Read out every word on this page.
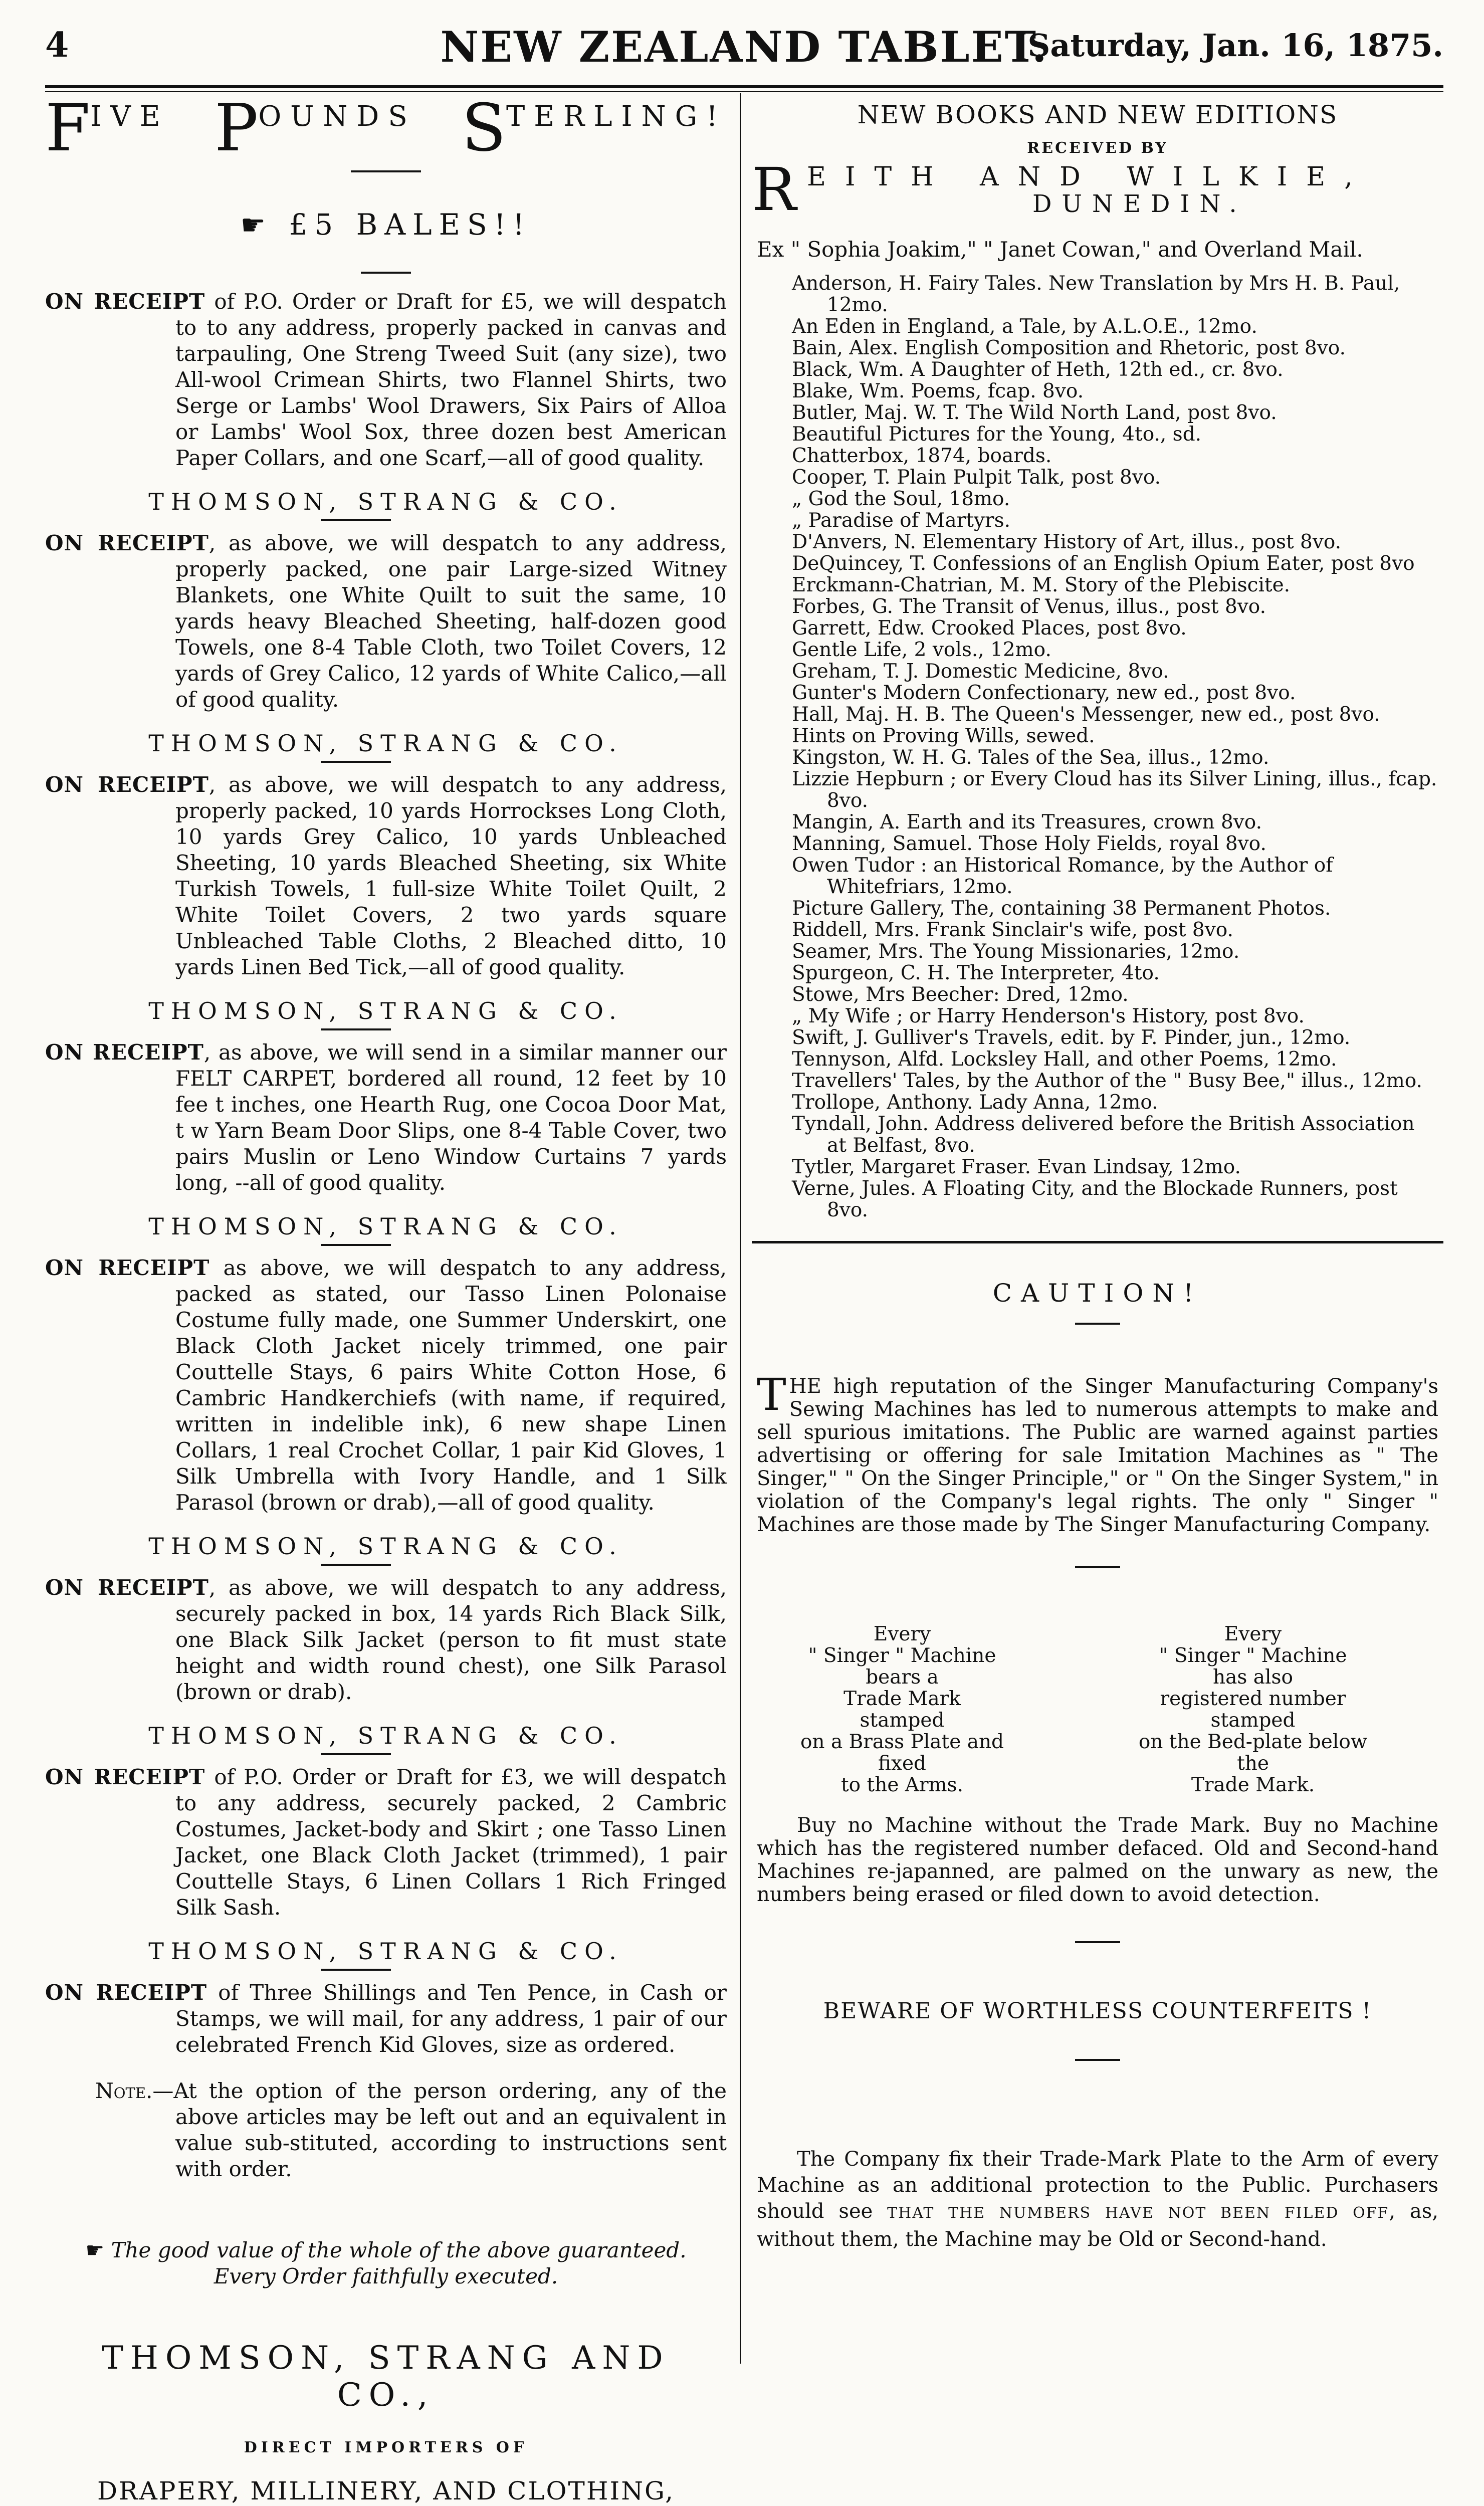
4	NEW ZEALAND TABLET.
[Saturday, Jan. 16, 1875.
FIVE POUNDS STERLING!
☛ £5 BALES!!

ON RECEIPT of P.O. Order or Draft for £5, we will despatch to to any address, properly packed in canvas and tarpauling, One Streng Tweed Suit (any size), two All-wool Crimean Shirts, two Flannel Shirts, two Serge or Lambs' Wool Drawers, Six Pairs of Alloa or Lambs' Wool Sox, three dozen best American Paper Collars, and one Scarf,—all of good quality.

THOMSON, STRANG & CO.

ON RECEIPT, as above, we will despatch to any address, properly packed, one pair Large-sized Witney Blankets, one White Quilt to suit the same, 10 yards heavy Bleached Sheeting, half-dozen good Towels, one 8-4 Table Cloth, two Toilet Covers, 12 yards of Grey Calico, 12 yards of White Calico,—all of good quality.

THOMSON, STRANG & CO.

ON RECEIPT, as above, we will despatch to any address, properly packed, 10 yards Horrockses Long Cloth, 10 yards Grey Calico, 10 yards Unbleached Sheeting, 10 yards Bleached Sheeting, six White Turkish Towels, 1 full-size White Toilet Quilt, 2 White Toilet Covers, 2 two yards square Unbleached Table Cloths, 2 Bleached ditto, 10 yards Linen Bed Tick,—all of good quality.

THOMSON, STRANG & CO.

ON RECEIPT, as above, we will send in a similar manner our FELT CARPET, bordered all round, 12 feet by 10 fee t inches, one Hearth Rug, one Cocoa Door Mat, t w Yarn Beam Door Slips, one 8-4 Table Cover, two pairs Muslin or Leno Window Curtains 7 yards long, --all of good quality.

THOMSON, STRANG & CO.

ON RECEIPT as above, we will despatch to any address, packed as stated, our Tasso Linen Polonaise Costume fully made, one Summer Underskirt, one Black Cloth Jacket nicely trimmed, one pair Couttelle Stays, 6 pairs White Cotton Hose, 6 Cambric Handkerchiefs (with name, if required, written in indelible ink), 6 new shape Linen Collars, 1 real Crochet Collar, 1 pair Kid Gloves, 1 Silk Umbrella with Ivory Handle, and 1 Silk Parasol (brown or drab),—all of good quality.

THOMSON, STRANG & CO.

ON RECEIPT, as above, we will despatch to any address, securely packed in box, 14 yards Rich Black Silk, one Black Silk Jacket (person to fit must state height and width round chest), one Silk Parasol (brown or drab).

THOMSON, STRANG & CO.

ON RECEIPT of P.O. Order or Draft for £3, we will despatch to any address, securely packed, 2 Cambric Costumes, Jacket-body and Skirt ; one Tasso Linen Jacket, one Black Cloth Jacket (trimmed), 1 pair Couttelle Stays, 6 Linen Collars 1 Rich Fringed Silk Sash.

THOMSON, STRANG & CO.

ON RECEIPT of Three Shillings and Ten Pence, in Cash or Stamps, we will mail, for any address, 1 pair of our celebrated French Kid Gloves, size as ordered.

Note.—At the option of the person ordering, any of the above articles may be left out and an equivalent in value sub-stituted, according to instructions sent with order.

☛ The good value of the whole of the above guaranteed.
Every Order faithfully executed.
THOMSON, STRANG AND CO.,
DIRECT IMPORTERS OF
DRAPERY, MILLINERY, AND CLOTHING,
NEW BOOKS AND NEW EDITIONS
RECEIVED BY
R EITH AND WILKIE,
DUNEDIN.
Ex " Sophia Joakim," " Janet Cowan," and Overland Mail.
Anderson, H. Fairy Tales. New Translation by Mrs H. B. Paul, 12mo.
An Eden in England, a Tale, by A.L.O.E., 12mo.
Bain, Alex. English Composition and Rhetoric, post 8vo.
Black, Wm. A Daughter of Heth, 12th ed., cr. 8vo.
Blake, Wm. Poems, fcap. 8vo.
Butler, Maj. W. T. The Wild North Land, post 8vo.
Beautiful Pictures for the Young, 4to., sd.
Chatterbox, 1874, boards.
Cooper, T. Plain Pulpit Talk, post 8vo.
„ God the Soul, 18mo.
„ Paradise of Martyrs.
D'Anvers, N. Elementary History of Art, illus., post 8vo.
DeQuincey, T. Confessions of an English Opium Eater, post 8vo
Erckmann-Chatrian, M. M. Story of the Plebiscite.
Forbes, G. The Transit of Venus, illus., post 8vo.
Garrett, Edw. Crooked Places, post 8vo.
Gentle Life, 2 vols., 12mo.
Greham, T. J. Domestic Medicine, 8vo.
Gunter's Modern Confectionary, new ed., post 8vo.
Hall, Maj. H. B. The Queen's Messenger, new ed., post 8vo.
Hints on Proving Wills, sewed.
Kingston, W. H. G. Tales of the Sea, illus., 12mo.
Lizzie Hepburn ; or Every Cloud has its Silver Lining, illus., fcap. 8vo.
Mangin, A. Earth and its Treasures, crown 8vo.
Manning, Samuel. Those Holy Fields, royal 8vo.
Owen Tudor : an Historical Romance, by the Author of Whitefriars, 12mo.
Picture Gallery, The, containing 38 Permanent Photos.
Riddell, Mrs. Frank Sinclair's wife, post 8vo.
Seamer, Mrs. The Young Missionaries, 12mo.
Spurgeon, C. H. The Interpreter, 4to.
Stowe, Mrs Beecher: Dred, 12mo.
„ My Wife ; or Harry Henderson's History, post 8vo.
Swift, J. Gulliver's Travels, edit. by F. Pinder, jun., 12mo.
Tennyson, Alfd. Locksley Hall, and other Poems, 12mo.
Travellers' Tales, by the Author of the " Busy Bee," illus., 12mo.
Trollope, Anthony. Lady Anna, 12mo.
Tyndall, John. Address delivered before the British Association at Belfast, 8vo.
Tytler, Margaret Fraser. Evan Lindsay, 12mo.
Verne, Jules. A Floating City, and the Blockade Runners, post 8vo.
CAUTION!

THE high reputation of the Singer Manufacturing Company's Sewing Machines has led to numerous attempts to make and sell spurious imitations. The Public are warned against parties advertising or offering for sale Imitation Machines as " The Singer," " On the Singer Principle," or " On the Singer System," in violation of the Company's legal rights. The only " Singer " Machines are those made by The Singer Manufacturing Company.

Every
" Singer " Machine
bears a
Trade Mark
stamped
on a Brass Plate and
fixed
to the Arms.
Every
" Singer " Machine
has also
registered number
stamped
on the Bed-plate below
the
Trade Mark.

Buy no Machine without the Trade Mark. Buy no Machine which has the registered number defaced. Old and Second-hand Machines re-japanned, are palmed on the unwary as new, the numbers being erased or filed down to avoid detection.

BEWARE OF WORTHLESS COUNTERFEITS !

The Company fix their Trade-Mark Plate to the Arm of every Machine as an additional protection to the Public. Purchasers should see THAT THE NUMBERS HAVE NOT BEEN FILED OFF, as, without them, the Machine may be Old or Second-hand.
